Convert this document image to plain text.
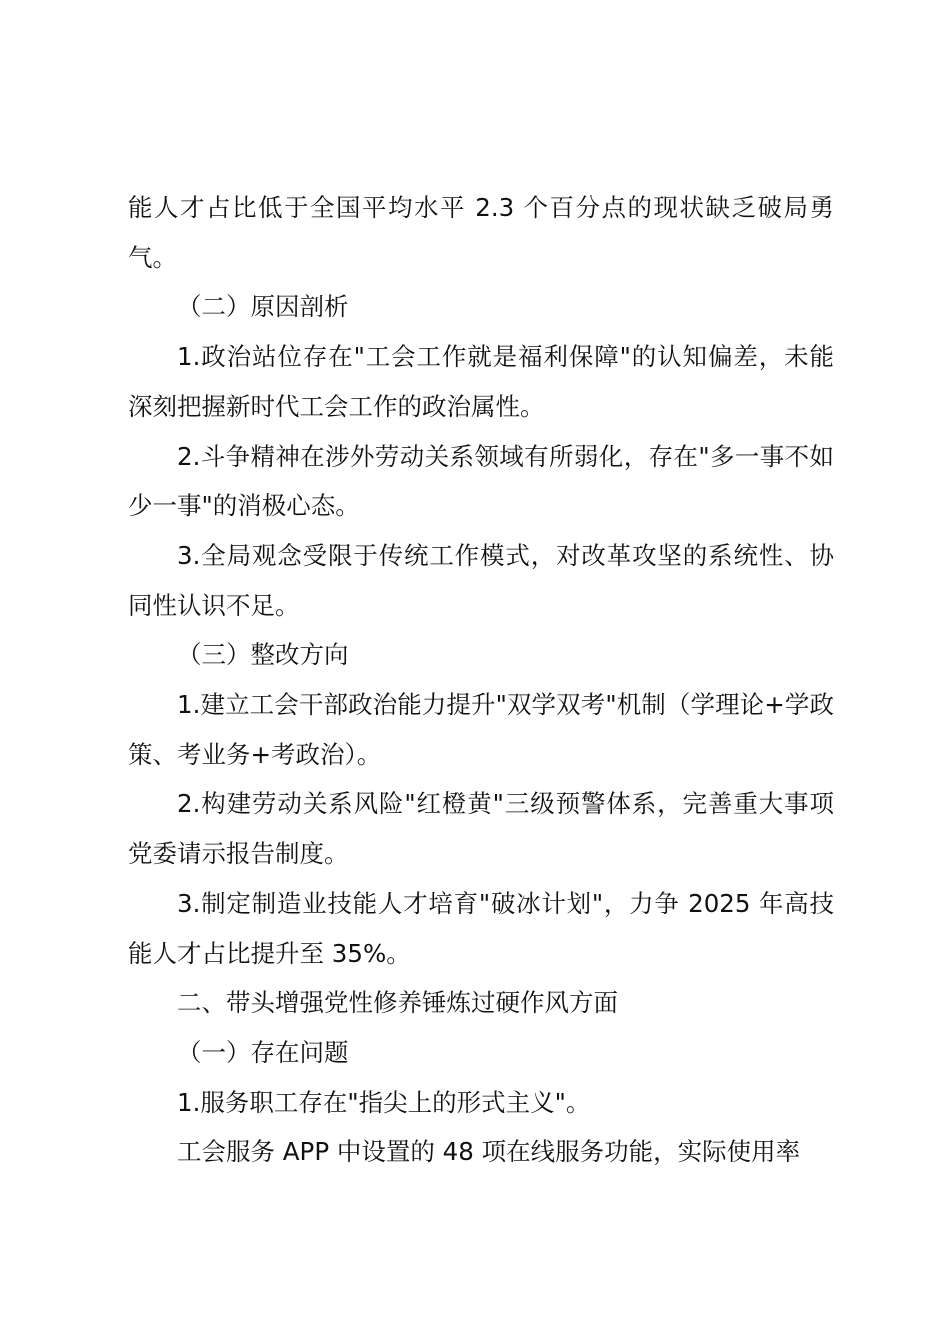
能人才占比低于全国平均水平 2.3 个百分点的现状缺乏破局勇气。

（二）原因剖析

1.政治站位存在"工会工作就是福利保障"的认知偏差，未能深刻把握新时代工会工作的政治属性。

2.斗争精神在涉外劳动关系领域有所弱化，存在"多一事不如少一事"的消极心态。

3.全局观念受限于传统工作模式，对改革攻坚的系统性、协同性认识不足。

（三）整改方向

1.建立工会干部政治能力提升"双学双考"机制（学理论+学政策、考业务+考政治）。

2.构建劳动关系风险"红橙黄"三级预警体系，完善重大事项党委请示报告制度。

3.制定制造业技能人才培育"破冰计划"，力争 2025 年高技能人才占比提升至 35%。

二、带头增强党性修养锤炼过硬作风方面

（一）存在问题

1.服务职工存在"指尖上的形式主义"。

工会服务 APP 中设置的 48 项在线服务功能，实际使用率
